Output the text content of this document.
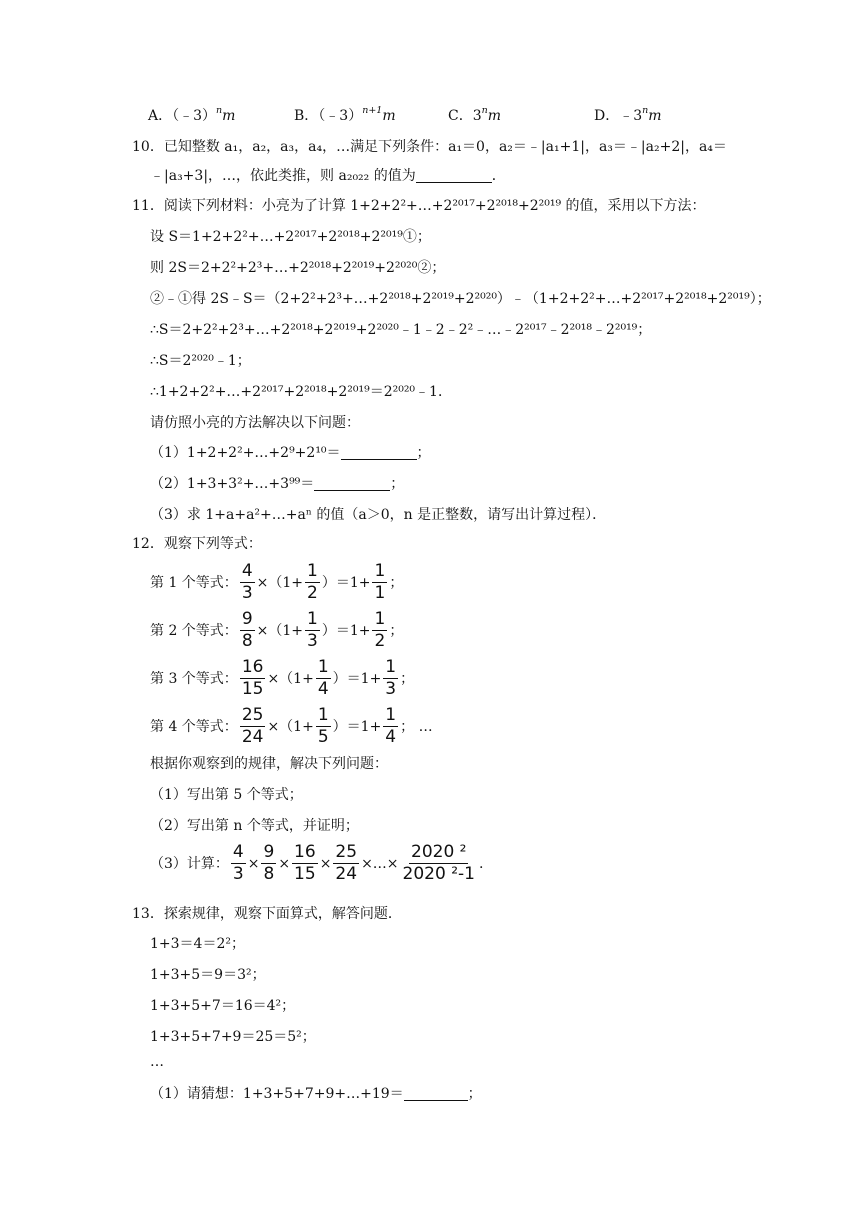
A．（﹣3）$^n$m	B．（﹣3）$^{n+1}$m	C．3$^n$m	D．﹣3$^n$m
10．已知整数 a₁，a₂，a₃，a₄，…满足下列条件：a₁＝0，a₂＝﹣|a₁+1|，a₃＝﹣|a₂+2|，a₄＝
﹣|a₃+3|，…，依此类推，则 a₂₀₂₂ 的值为	．
11．阅读下列材料：小亮为了计算 1+2+2²+…+2²⁰¹⁷+2²⁰¹⁸+2²⁰¹⁹ 的值，采用以下方法：
设 S＝1+2+2²+…+2²⁰¹⁷+2²⁰¹⁸+2²⁰¹⁹①；
则 2S＝2+2²+2³+…+2²⁰¹⁸+2²⁰¹⁹+2²⁰²⁰②；
②﹣①得 2S﹣S＝（2+2²+2³+…+2²⁰¹⁸+2²⁰¹⁹+2²⁰²⁰）﹣（1+2+2²+…+2²⁰¹⁷+2²⁰¹⁸+2²⁰¹⁹）；
∴S＝2+2²+2³+…+2²⁰¹⁸+2²⁰¹⁹+2²⁰²⁰﹣1﹣2﹣2²﹣…﹣2²⁰¹⁷﹣2²⁰¹⁸﹣2²⁰¹⁹；
∴S＝2²⁰²⁰﹣1；
∴1+2+2²+…+2²⁰¹⁷+2²⁰¹⁸+2²⁰¹⁹＝2²⁰²⁰﹣1．
请仿照小亮的方法解决以下问题：
（1）1+2+2²+…+2⁹+2¹⁰＝	；
（2）1+3+3²+…+3⁹⁹＝	；
（3）求 1+a+a²+…+aⁿ 的值（a＞0，n 是正整数，请写出计算过程）．
12．观察下列等式：
第 1 个等式： $\frac{4}{3} \times(1+ \frac{1}{2} )=1+ \frac{1}{1}$ ；
第 2 个等式： $\frac{9}{8} \times(1+ \frac{1}{3} )=1+ \frac{1}{2}$ ；
第 3 个等式： $\frac{16}{15} \times(1+ \frac{1}{4} )=1+ \frac{1}{3}$ ；
第 4 个等式： $\frac{25}{24} \times(1+ \frac{1}{5} )=1+ \frac{1}{4}$ ； …
根据你观察到的规律，解决下列问题：
（1）写出第 5 个等式；
（2）写出第 n 个等式，并证明；
（3）计算： $\frac{4}{3} \times \frac{9}{8} \times \frac{16}{15} \times \frac{25}{24}$ × … × $\frac{\text{2020 ²}}{\text{2020 ²-1}}$ .
13．探索规律，观察下面算式，解答问题．
1+3＝4＝2²；
1+3+5＝9＝3²；
1+3+5+7＝16＝4²；
1+3+5+7+9＝25＝5²；
…
（1）请猜想：1+3+5+7+9+…+19＝	；
